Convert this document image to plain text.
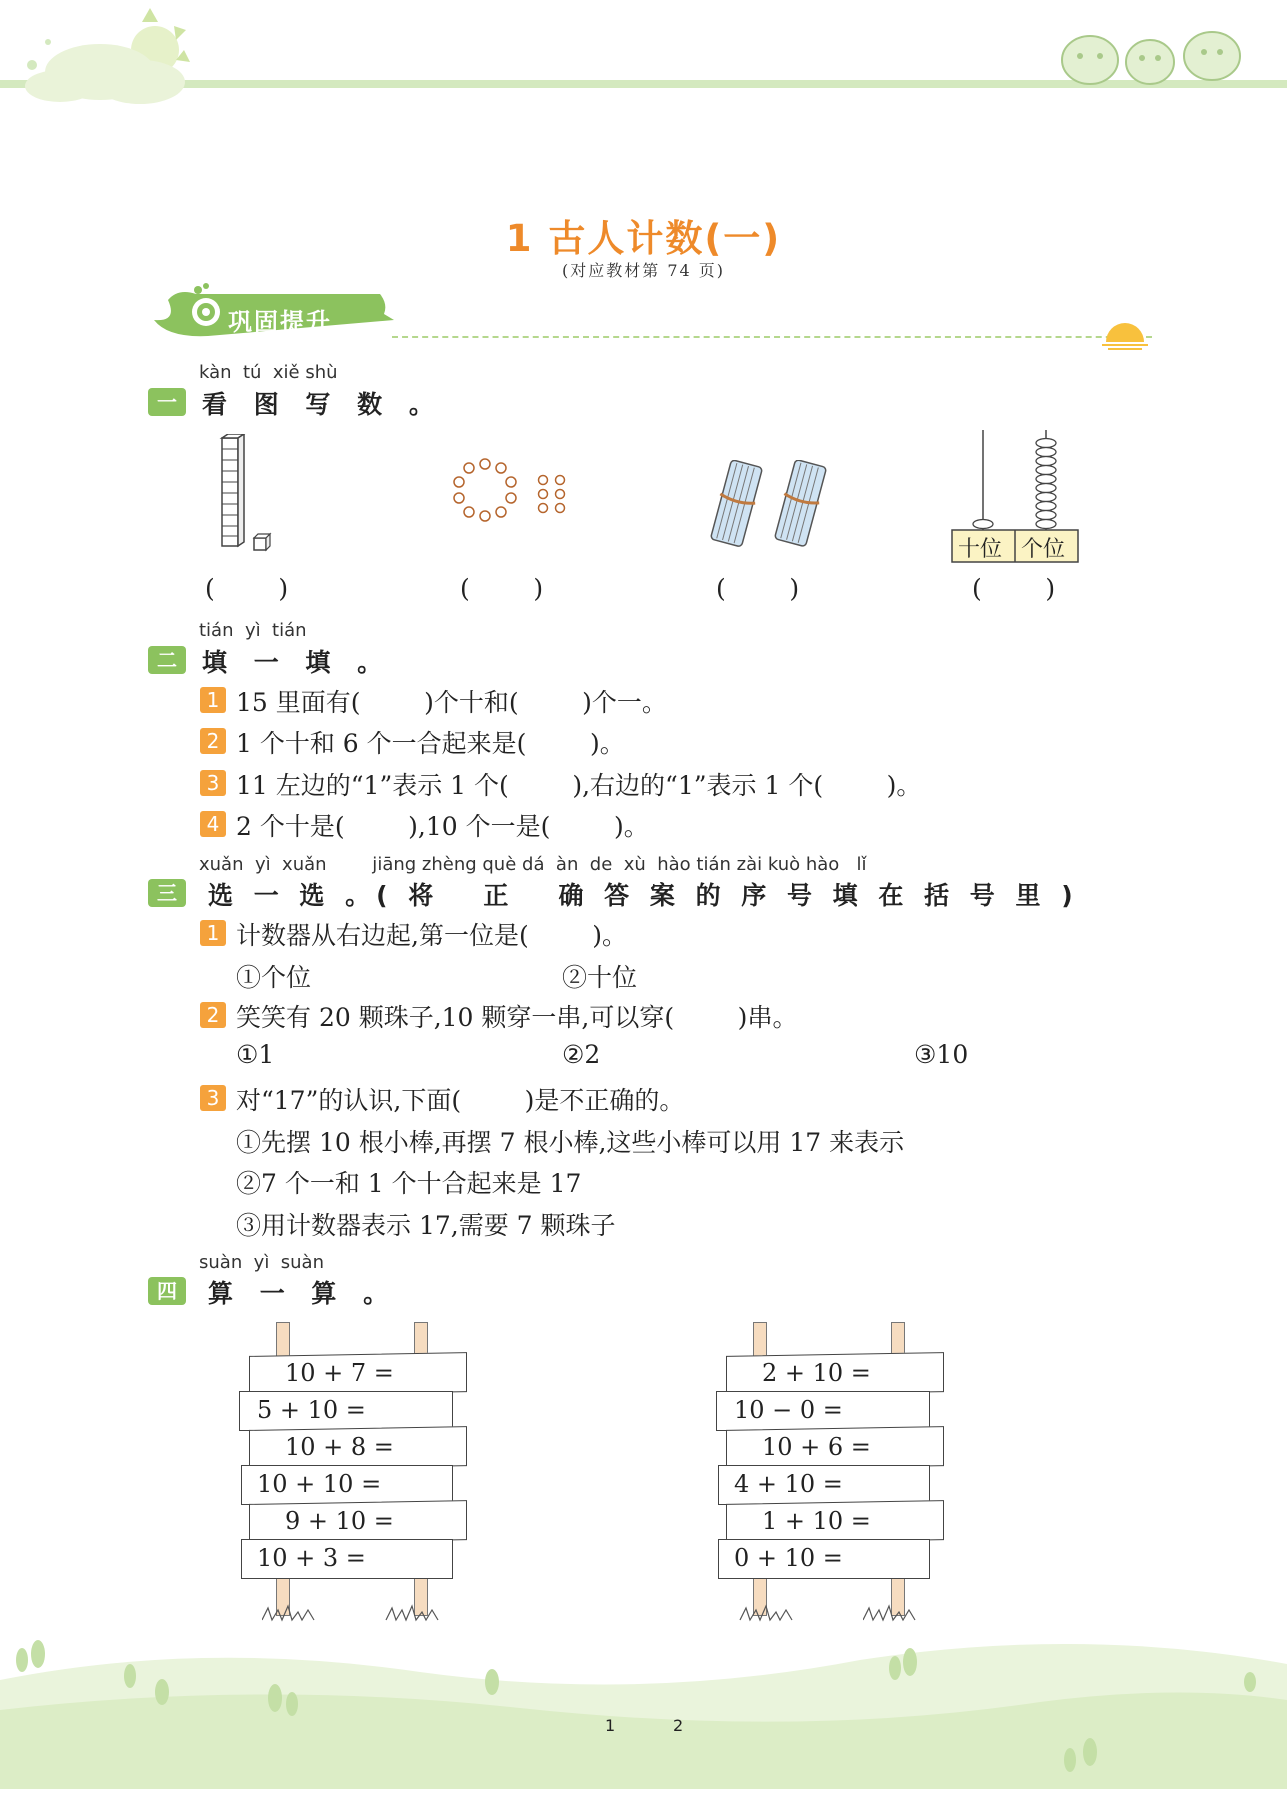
1 古人计数(一)
(对应教材第 74 页)
巩固提升
kàn  tú  xiě shù
一	看 图 写 数 。
十位 个位
(        )	(        )	(        )	(        )
tián  yì  tián
二	填 一 填 。
1 15 里面有(        )个十和(        )个一。
2 1 个十和 6 个一合起来是(        )。
3 11 左边的“1”表示 1 个(        ),右边的“1”表示 1 个(        )。
4 2 个十是(        ),10 个一是(        )。
xuǎn  yì  xuǎn        jiāng zhèng què dá  àn  de  xù  hào tián zài kuò hào   lǐ
三	选 一 选 。( 将   正   确 答 案 的 序 号 填 在 括 号 里 )
1 计数器从右边起,第一位是(        )。
①个位	②十位
2 笑笑有 20 颗珠子,10 颗穿一串,可以穿(        )串。
①1	②2	③10
3 对“17”的认识,下面(        )是不正确的。
①先摆 10 根小棒,再摆 7 根小棒,这些小棒可以用 17 来表示
②7 个一和 1 个十合起来是 17
③用计数器表示 17,需要 7 颗珠子
suàn  yì  suàn
四	算 一 算 。
10 + 7 =
5 + 10 =
10 + 8 =
10 + 10 =
9 + 10 =
10 + 3 =
2 + 10 =
10 − 0 =
10 + 6 =
4 + 10 =
1 + 10 =
0 + 10 =
1	2
